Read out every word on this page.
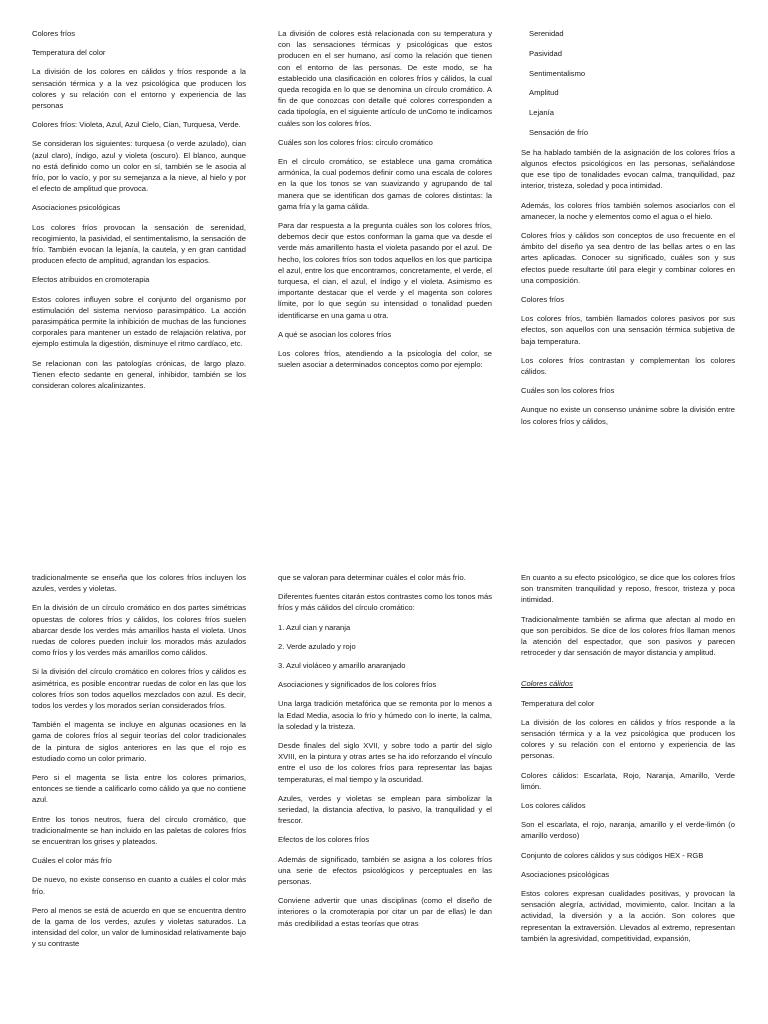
Colores fríos

Temperatura del color

La división de los colores en cálidos y fríos responde a la sensación térmica y a la vez psicológica que producen los colores y su relación con el entorno y experiencia de las personas

Colores fríos: Violeta, Azul, Azul Cielo, Cian, Turquesa, Verde.

Se consideran los siguientes: turquesa (o verde azulado), cian (azul claro), índigo, azul y violeta (oscuro). El blanco, aunque no está definido como un color en sí, también se le asocia al frío, por lo vacío, y por su semejanza a la nieve, al hielo y por el efecto de amplitud que provoca.

Asociaciones psicológicas

Los colores fríos provocan la sensación de serenidad, recogimiento, la pasividad, el sentimentalismo, la sensación de frío. También evocan la lejanía, la cautela, y en gran cantidad producen efecto de amplitud, agrandan los espacios.

Efectos atribuidos en cromoterapia

Estos colores influyen sobre el conjunto del organismo por estimulación del sistema nervioso parasimpático. La acción parasimpática permite la inhibición de muchas de las funciones corporales para mantener un estado de relajación relativa, por ejemplo estimula la digestión, disminuye el ritmo cardíaco, etc.

Se relacionan con las patologías crónicas, de largo plazo. Tienen efecto sedante en general, inhibidor, también se los consideran colores alcalinizantes.

La división de colores está relacionada con su temperatura y con las sensaciones térmicas y psicológicas que estos producen en el ser humano, así como la relación que tienen con el entorno de las personas. De este modo, se ha establecido una clasificación en colores fríos y cálidos, la cual queda recogida en lo que se denomina un círculo cromático. A fin de que conozcas con detalle qué colores corresponden a cada tipología, en el siguiente artículo de unComo te indicamos cuáles son los colores fríos.

Cuáles son los colores fríos: círculo cromático

En el círculo cromático, se establece una gama cromática armónica, la cual podemos definir como una escala de colores en la que los tonos se van suavizando y agrupando de tal manera que se identifican dos gamas de colores distintas: la gama fría y la gama cálida.

Para dar respuesta a la pregunta cuáles son los colores fríos, debemos decir que estos conforman la gama que va desde el verde más amarillento hasta el violeta pasando por el azul. De hecho, los colores fríos son todos aquellos en los que participa el azul, entre los que encontramos, concretamente, el verde, el turquesa, el cian, el azul, el índigo y el violeta. Asimismo es importante destacar que el verde y el magenta son colores límite, por lo que según su intensidad o tonalidad pueden identificarse en una gama u otra.

A qué se asocian los colores fríos

Los colores fríos, atendiendo a la psicología del color, se suelen asociar a determinados conceptos como por ejemplo:

Serenidad

Pasividad

Sentimentalismo

Amplitud

Lejanía

Sensación de frío

Se ha hablado también de la asignación de los colores fríos a algunos efectos psicológicos en las personas, señalándose que ese tipo de tonalidades evocan calma, tranquilidad, paz interior, tristeza, soledad y poca intimidad.

Además, los colores fríos también solemos asociarlos con el amanecer, la noche y elementos como el agua o el hielo.

Colores fríos y cálidos son conceptos de uso frecuente en el ámbito del diseño ya sea dentro de las bellas artes o en las artes aplicadas. Conocer su significado, cuáles son y sus efectos puede resultarte útil para elegir y combinar colores en una composición.

Colores fríos

Los colores fríos, también llamados colores pasivos por sus efectos, son aquellos con una sensación térmica subjetiva de baja temperatura.

Los colores fríos contrastan y complementan los colores cálidos.

Cuáles son los colores fríos

Aunque no existe un consenso unánime sobre la división entre los colores fríos y cálidos,

tradicionalmente se enseña que los colores fríos incluyen los azules, verdes y violetas.

En la división de un círculo cromático en dos partes simétricas opuestas de colores fríos y cálidos, los colores fríos suelen abarcar desde los verdes más amarillos hasta el violeta. Unos ruedas de colores pueden incluir los morados más azulados como fríos y los verdes más amarillos como cálidos.

Si la división del círculo cromático en colores fríos y cálidos es asimétrica, es posible encontrar ruedas de color en las que los colores fríos son todos aquellos mezclados con azul. Es decir, todos los verdes y los morados serían considerados fríos.

También el magenta se incluye en algunas ocasiones en la gama de colores fríos al seguir teorías del color tradicionales de la pintura de siglos anteriores en las que el rojo es estudiado como un color primario.

Pero si el magenta se lista entre los colores primarios, entonces se tiende a calificarlo como cálido ya que no contiene azul.

Entre los tonos neutros, fuera del círculo cromático, que tradicionalmente se han incluido en las paletas de colores fríos se encuentran los grises y plateados.

Cuáles el color más frío

De nuevo, no existe consenso en cuanto a cuáles el color más frío.

Pero al menos se está de acuerdo en que se encuentra dentro de la gama de los verdes, azules y violetas saturados. La intensidad del color, un valor de luminosidad relativamente bajo y su contraste

que se valoran para determinar cuáles el color más frío.

Diferentes fuentes citarán estos contrastes como los tonos más fríos y más cálidos del círculo cromático:

1. Azul cian y naranja

2. Verde azulado y rojo

3. Azul violáceo y amarillo anaranjado

Asociaciones y significados de los colores fríos

Una larga tradición metafórica que se remonta por lo menos a la Edad Media, asocia lo frío y húmedo con lo inerte, la calma, la soledad y la tristeza.

Desde finales del siglo XVII, y sobre todo a partir del siglo XVIII, en la pintura y otras artes se ha ido reforzando el vínculo entre el uso de los colores fríos para representar las bajas temperaturas, el mal tiempo y la oscuridad.

Azules, verdes y violetas se emplean para simbolizar la seriedad, la distancia afectiva, lo pasivo, la tranquilidad y el frescor.

Efectos de los colores fríos

Además de significado, también se asigna a los colores fríos una serie de efectos psicológicos y perceptuales en las personas.

Conviene advertir que unas disciplinas (como el diseño de interiores o la cromoterapia por citar un par de ellas) le dan más credibilidad a estas teorías que otras

En cuanto a su efecto psicológico, se dice que los colores fríos son transmiten tranquilidad y reposo, frescor, tristeza y poca intimidad.

Tradicionalmente también se afirma que afectan al modo en que son percibidos. Se dice de los colores fríos llaman menos la atención del espectador, que son pasivos y parecen retroceder y dar sensación de mayor distancia y amplitud.

Colores cálidos

Temperatura del color

La división de los colores en cálidos y fríos responde a la sensación térmica y a la vez psicológica que producen los colores y su relación con el entorno y experiencia de las personas.

Colores cálidos: Escarlata, Rojo, Naranja, Amarillo, Verde limón.

Los colores cálidos

Son el escarlata, el rojo, naranja, amarillo y el verde-limón (o amarillo verdoso)

Conjunto de colores cálidos y sus códigos HEX - RGB

Asociaciones psicológicas

Estos colores expresan cualidades positivas, y provocan la sensación alegría, actividad, movimiento, calor. Incitan a la actividad, la diversión y a la acción. Son colores que representan la extraversión. Llevados al extremo, representan también la agresividad, competitividad, expansión,
